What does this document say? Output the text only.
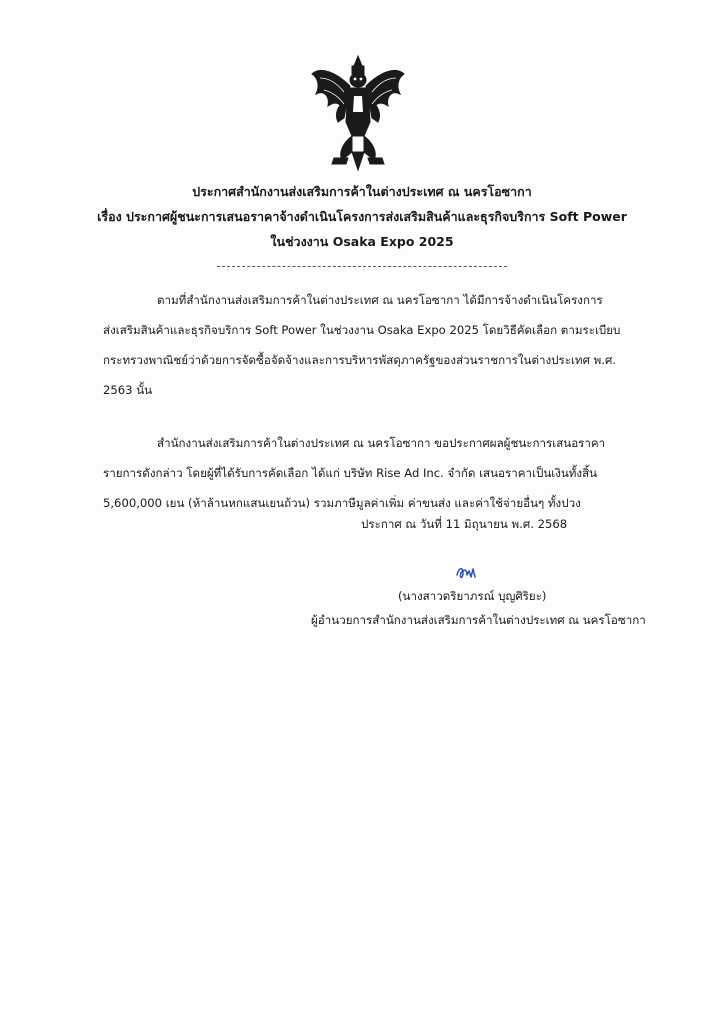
ประกาศสำนักงานส่งเสริมการค้าในต่างประเทศ ณ นครโอซากา
เรื่อง ประกาศผู้ชนะการเสนอราคาจ้างดำเนินโครงการส่งเสริมสินค้าและธุรกิจบริการ Soft Power
ในช่วงงาน Osaka Expo 2025
ตามที่สำนักงานส่งเสริมการค้าในต่างประเทศ ณ นครโอซากา ได้มีการจ้างดำเนินโครงการ
ส่งเสริมสินค้าและธุรกิจบริการ Soft Power ในช่วงงาน Osaka Expo 2025 โดยวิธีคัดเลือก ตามระเบียบ
กระทรวงพาณิชย์ว่าด้วยการจัดซื้อจัดจ้างและการบริหารพัสดุภาครัฐของส่วนราชการในต่างประเทศ พ.ศ.
2563 นั้น
สำนักงานส่งเสริมการค้าในต่างประเทศ ณ นครโอซากา ขอประกาศผลผู้ชนะการเสนอราคา
รายการดังกล่าว โดยผู้ที่ได้รับการคัดเลือก ได้แก่ บริษัท Rise Ad Inc. จำกัด เสนอราคาเป็นเงินทั้งสิ้น
5,600,000 เยน (ห้าล้านหกแสนเยนถ้วน) รวมภาษีมูลค่าเพิ่ม ค่าขนส่ง และค่าใช้จ่ายอื่นๆ ทั้งปวง
ประกาศ ณ วันที่ 11 มิถุนายน พ.ศ. 2568
(นางสาวดริยาภรณ์ บุญศิริยะ)
ผู้อำนวยการสำนักงานส่งเสริมการค้าในต่างประเทศ ณ นครโอซากา
